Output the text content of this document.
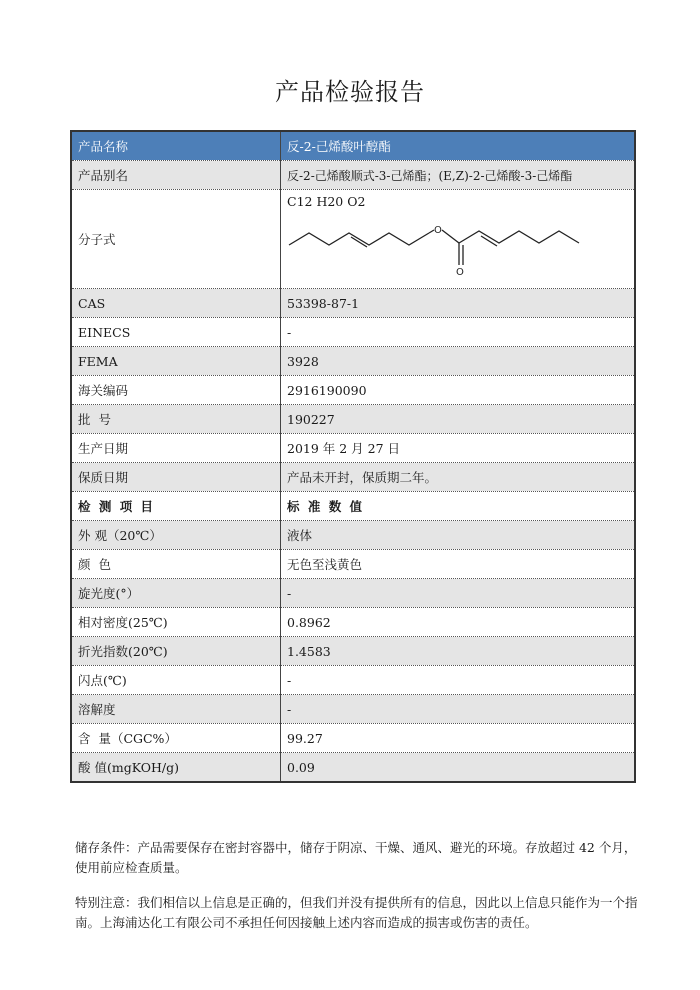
产品检验报告
产品名称	反-2-己烯酸叶醇酯
产品别名	反-2-己烯酸顺式-3-己烯酯；(E,Z)-2-己烯酸-3-己烯酯
分子式	C12 H20 O2
O
O

CAS	53398-87-1
EINECS	-
FEMA	3928
海关编码	2916190090
批  号	190227
生产日期	2019 年 2 月 27 日
保质日期	产品未开封，保质期二年。
检 测 项 目	标 准 数 值
外 观（20℃）	液体
颜  色	无色至浅黄色
旋光度(°）	-
相对密度(25℃)	0.8962
折光指数(20℃)	1.4583
闪点(℃)	-
溶解度	-
含  量（CGC%）	99.27
酸 值(mgKOH/g)	0.09
储存条件：产品需要保存在密封容器中，储存于阴凉、干燥、通风、避光的环境。存放超过 42 个月，使用前应检查质量。
特别注意：我们相信以上信息是正确的，但我们并没有提供所有的信息，因此以上信息只能作为一个指南。上海浦达化工有限公司不承担任何因接触上述内容而造成的损害或伤害的责任。
